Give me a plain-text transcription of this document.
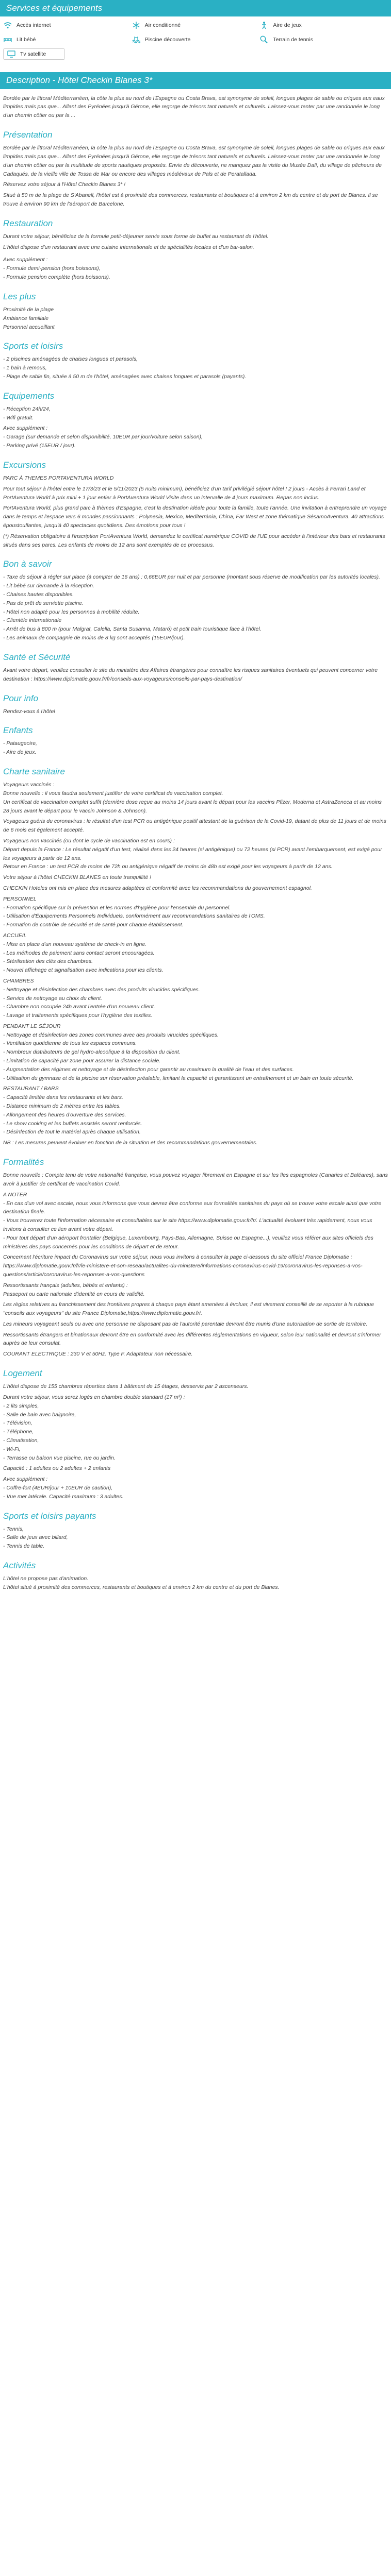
Services et équipements
Accès internet	Air conditionné	Aire de jeux
Lit bébé	Piscine découverte	Terrain de tennis
Tv satellite
Description - Hôtel Checkin Blanes 3*

Bordée par le littoral Méditerranéen, la côte la plus au nord de l'Espagne ou Costa Brava, est synonyme de soleil, longues plages de sable ou criques aux eaux limpides mais pas que... Allant des Pyrénées jusqu'à Gérone, elle regorge de trésors tant naturels et culturels. Laissez-vous tenter par une randonnée le long d'un chemin côtier ou par la ...

Présentation
Bordée par le littoral Méditerranéen, la côte la plus au nord de l'Espagne ou Costa Brava, est synonyme de soleil, longues plages de sable ou criques aux eaux limpides mais pas que... Allant des Pyrénées jusqu'à Gérone, elle regorge de trésors tant naturels et culturels. Laissez-vous tenter par une randonnée le long d'un chemin côtier ou par la multitude de sports nautiques proposés. Envie de découverte, ne manquez pas la visite du Musée Dalí, du village de pêcheurs de Cadaqués, de la vieille ville de Tossa de Mar ou encore des villages médiévaux de Pals et de Peratallada.
Réservez votre séjour à l'Hôtel Checkin Blanes 3* !
Situé à 50 m de la plage de S'Abanell, l'hôtel est à proximité des commerces, restaurants et boutiques et à environ 2 km du centre et du port de Blanes. Il se trouve à environ 90 km de l'aéroport de Barcelone.
Restauration
Durant votre séjour, bénéficiez de la formule petit-déjeuner servie sous forme de buffet au restaurant de l'hôtel.
L'hôtel dispose d'un restaurant avec une cuisine internationale et de spécialités locales et d'un bar-salon.
Avec supplément :
- Formule demi-pension (hors boissons),
- Formule pension complète (hors boissons).
Les plus
Proximité de la plage
Ambiance familiale
Personnel accueillant
Sports et loisirs
- 2 piscines aménagées de chaises longues et parasols,
- 1 bain à remous,
- Plage de sable fin, située à 50 m de l'hôtel, aménagées avec chaises longues et parasols (payants).
Equipements
- Réception 24h/24,
- Wifi gratuit.
Avec supplément :
- Garage (sur demande et selon disponibilité, 10EUR par jour/voiture selon saison),
- Parking privé (15EUR / jour).
Excursions
PARC À THEMES PORTAVENTURA WORLD
Pour tout séjour à l'hôtel entre le 17/3/23 et le 5/11/2023 (5 nuits minimum), bénéficiez d'un tarif privilégié séjour hôtel ! 2 jours - Accès à Ferrari Land et PortAventura World à prix mini + 1 jour entier à PortAventura World Visite dans un intervalle de 4 jours maximum. Repas non inclus.
PortAventura World, plus grand parc à thèmes d'Espagne, c'est la destination idéale pour toute la famille, toute l'année. Une invitation à entreprendre un voyage dans le temps et l'espace vers 6 mondes passionnants : Polynesia, Mexico, Mediterrània, China, Far West et zone thématique SésamoAventura. 40 attractions époustouflantes, jusqu'à 40 spectacles quotidiens. Des émotions pour tous !
(*) Réservation obligatoire à l'inscription PortAventura World, demandez le certificat numérique COVID de l'UE pour accéder à l'intérieur des bars et restaurants situés dans ses parcs. Les enfants de moins de 12 ans sont exemptés de ce processus.
Bon à savoir
- Taxe de séjour à régler sur place (à compter de 16 ans) : 0,66EUR par nuit et par personne (montant sous réserve de modification par les autorités locales).
- Lit bébé sur demande à la réception.
- Chaises hautes disponibles.
- Pas de prêt de serviette piscine.
- Hôtel non adapté pour les personnes à mobilité réduite.
- Clientèle internationale
- Arrêt de bus à 800 m (pour Malgrat, Calella, Santa Susanna, Mataró) et petit train touristique face à l'hôtel.
- Les animaux de compagnie de moins de 8 kg sont acceptés (15EUR/jour).
Santé et Sécurité
Avant votre départ, veuillez consulter le site du ministère des Affaires étrangères pour connaître les risques sanitaires éventuels qui peuvent concerner votre destination : https://www.diplomatie.gouv.fr/fr/conseils-aux-voyageurs/conseils-par-pays-destination/
Pour info
Rendez-vous à l'hôtel
Enfants
- Pataugeoire,
- Aire de jeux.
Charte sanitaire
Voyageurs vaccinés :
Bonne nouvelle : il vous faudra seulement justifier de votre certificat de vaccination complet.
Un certificat de vaccination complet suffit (dernière dose reçue au moins 14 jours avant le départ pour les vaccins Pfizer, Moderna et AstraZeneca et au moins 28 jours avant le départ pour le vaccin Johnson & Johnson).
Voyageurs guéris du coronavirus : le résultat d'un test PCR ou antigénique positif attestant de la guérison de la Covid-19, datant de plus de 11 jours et de moins de 6 mois est également accepté.
Voyageurs non vaccinés (ou dont le cycle de vaccination est en cours) :
Départ depuis la France : Le résultat négatif d'un test, réalisé dans les 24 heures (si antigénique) ou 72 heures (si PCR) avant l'embarquement, est exigé pour les voyageurs à partir de 12 ans.
Retour en France : un test PCR de moins de 72h ou antigénique négatif de moins de 48h est exigé pour les voyageurs à partir de 12 ans.
Votre séjour à l'hôtel CHECKIN BLANES en toute tranquillité !
CHECKIN Hoteles ont mis en place des mesures adaptées et conformité avec les recommandations du gouvernement espagnol.
PERSONNEL
- Formation spécifique sur la prévention et les normes d'hygiène pour l'ensemble du personnel.
- Utilisation d'Équipements Personnels Individuels, conformément aux recommandations sanitaires de l'OMS.
- Formation de contrôle de sécurité et de santé pour chaque établissement.
ACCUEIL
- Mise en place d'un nouveau système de check-in en ligne.
- Les méthodes de paiement sans contact seront encouragées.
- Stérilisation des clés des chambres.
- Nouvel affichage et signalisation avec indications pour les clients.
CHAMBRES
- Nettoyage et désinfection des chambres avec des produits virucides spécifiques.
- Service de nettoyage au choix du client.
- Chambre non occupée 24h avant l'entrée d'un nouveau client.
- Lavage et traitements spécifiques pour l'hygiène des textiles.
PENDANT LE SÉJOUR
- Nettoyage et désinfection des zones communes avec des produits virucides spécifiques.
- Ventilation quotidienne de tous les espaces communs.
- Nombreux distributeurs de gel hydro-alcoolique à la disposition du client.
- Limitation de capacité par zone pour assurer la distance sociale.
- Augmentation des régimes et nettoyage et de désinfection pour garantir au maximum la qualité de l'eau et des surfaces.
- Utilisation du gymnase et de la piscine sur réservation préalable, limitant la capacité et garantissant un entraînement et un bain en toute sécurité.
RESTAURANT / BARS
- Capacité limitée dans les restaurants et les bars.
- Distance minimum de 2 mètres entre les tables.
- Allongement des heures d'ouverture des services.
- Le show cooking et les buffets assistés seront renforcés.
- Désinfection de tout le matériel après chaque utilisation.
NB : Les mesures peuvent évoluer en fonction de la situation et des recommandations gouvernementales.
Formalités
Bonne nouvelle : Compte tenu de votre nationalité française, vous pouvez voyager librement en Espagne et sur les îles espagnoles (Canaries et Baléares), sans avoir à justifier de certificat de vaccination Covid.
A NOTER
- En cas d'un vol avec escale, nous vous informons que vous devrez être conforme aux formalités sanitaires du pays où se trouve votre escale ainsi que votre destination finale.
- Vous trouverez toute l'information nécessaire et consultables sur le site https://www.diplomatie.gouv.fr/fr/. L'actualité évoluant très rapidement, nous vous invitons à consulter ce lien avant votre départ.
- Pour tout départ d'un aéroport frontalier (Belgique, Luxembourg, Pays-Bas, Allemagne, Suisse ou Espagne...), veuillez vous référer aux sites officiels des ministères des pays concernés pour les conditions de départ et de retour.
Concernant l'écriture impact du Coronavirus sur votre séjour, nous vous invitons à consulter la page ci-dessous du site officiel France Diplomatie :
https://www.diplomatie.gouv.fr/fr/le-ministere-et-son-reseau/actualites-du-ministere/informations-coronavirus-covid-19/coronavirus-les-reponses-a-vos-questions/article/coronavirus-les-reponses-a-vos-questions
Ressortissants français (adultes, bébés et enfants) :
Passeport ou carte nationale d'identité en cours de validité.
Les règles relatives au franchissement des frontières propres à chaque pays étant amenées à évoluer, il est vivement conseillé de se reporter à la rubrique "conseils aux voyageurs" du site France Diplomatie,https://www.diplomatie.gouv.fr/.
Les mineurs voyageant seuls ou avec une personne ne disposant pas de l'autorité parentale devront être munis d'une autorisation de sortie de territoire.
Ressortissants étrangers et binationaux devront être en conformité avec les différentes réglementations en vigueur, selon leur nationalité et devront s'informer auprès de leur consulat.
COURANT ELECTRIQUE : 230 V et 50Hz. Type F. Adaptateur non nécessaire.
Logement
L'hôtel dispose de 155 chambres réparties dans 1 bâtiment de 15 étages, desservis par 2 ascenseurs.
Durant votre séjour, vous serez logés en chambre double standard (17 m²) :
- 2 lits simples,
- Salle de bain avec baignoire,
- Télévision,
- Téléphone,
- Climatisation,
- Wi-Fi,
- Terrasse ou balcon vue piscine, rue ou jardin.
Capacité : 1 adultes ou 2 adultes + 2 enfants
Avec supplément :
- Coffre-fort (4EUR/jour + 10EUR de caution),
- Vue mer latérale. Capacité maximum : 3 adultes.
Sports et loisirs payants
- Tennis,
- Salle de jeux avec billard,
- Tennis de table.
Activités
L'hôtel ne propose pas d'animation.
L'hôtel situé à proximité des commerces, restaurants et boutiques et à environ 2 km du centre et du port de Blanes.
